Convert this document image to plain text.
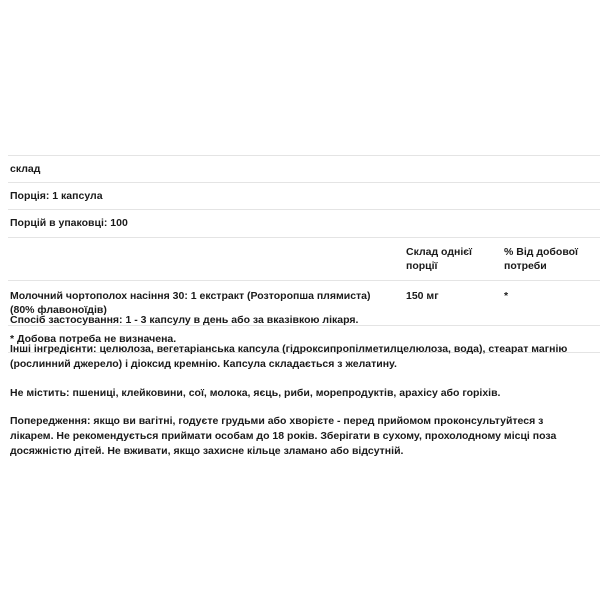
склад		
Порція: 1 капсула		
Порцій в упаковці: 100		
	Склад однієї порції	% Від добової потреби
Молочний чортополох насіння 30: 1 екстракт (Розторопша плямиста) (80% флавоноїдів)	150 мг	*
* Добова потреба не визначена.		

Спосіб застосування: 1 - 3 капсулу в день або за вказівкою лікаря.

Інші інгредієнти: целюлоза, вегетаріанська капсула (гідроксипропілметилцелюлоза, вода), стеарат магнію (рослинний джерело) і діоксид кремнію. Капсула складається з желатину.

Не містить: пшениці, клейковини, сої, молока, яєць, риби, морепродуктів, арахісу або горіхів.

Попередження: якщо ви вагітні, годуєте грудьми або хворієте - перед прийомом проконсультуйтеся з лікарем. Не рекомендується приймати особам до 18 років. Зберігати в сухому, прохолодному місці поза досяжністю дітей. Не вживати, якщо захисне кільце зламано або відсутній.
